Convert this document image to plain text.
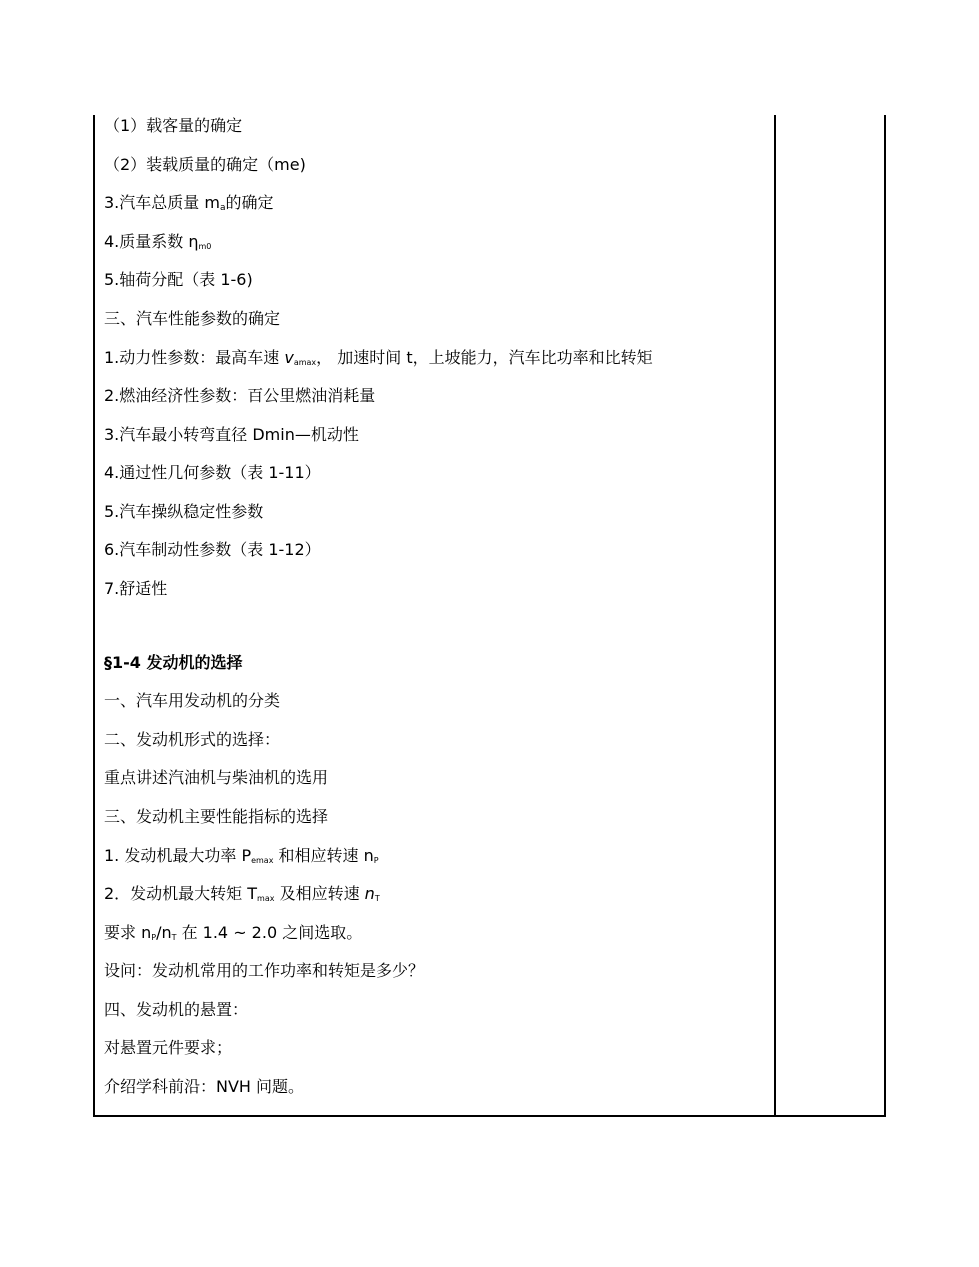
（1）载客量的确定
（2）装载质量的确定（me)
3.汽车总质量 $m_a$的确定
4.质量系数 ηm0
5.轴荷分配（表 1-6)
三、汽车性能参数的确定
1.动力性参数：最高车速 vamax， 加速时间 t，上坡能力，汽车比功率和比转矩
2.燃油经济性参数：百公里燃油消耗量
3.汽车最小转弯直径 Dmin—机动性
4.通过性几何参数（表 1-11）
5.汽车操纵稳定性参数
6.汽车制动性参数（表 1-12）
7.舒适性
§1-4 发动机的选择
一、汽车用发动机的分类
二、发动机形式的选择：
重点讲述汽油机与柴油机的选用
三、发动机主要性能指标的选择
1. 发动机最大功率 Pemax 和相应转速 nP
2．发动机最大转矩 Tmax 及相应转速 nT
要求 nP/nT 在 1.4 ~ 2.0 之间选取。
设问：发动机常用的工作功率和转矩是多少？
四、发动机的悬置：
对悬置元件要求；
介绍学科前沿：NVH 问题。
